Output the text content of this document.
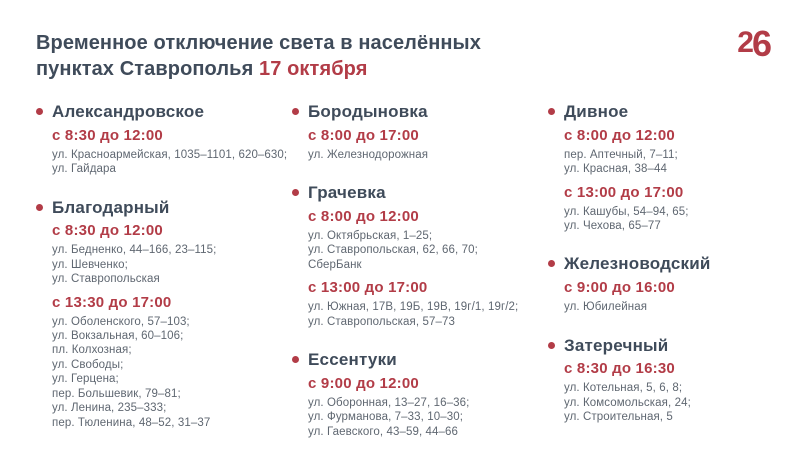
Временное отключение света в населённых
пунктах Ставрополья 17 октября
2 6
Александровское
с 8:30 до 12:00
ул. Красноармейская, 1035–1101, 620–630;
ул. Гайдара
Благодарный
с 8:30 до 12:00
ул. Бедненко, 44–166, 23–115;
ул. Шевченко;
ул. Ставропольская
с 13:30 до 17:00
ул. Оболенского, 57–103;
ул. Вокзальная, 60–106;
пл. Колхозная;
ул. Свободы;
ул. Герцена;
пер. Большевик, 79–81;
ул. Ленина, 235–333;
пер. Тюленина, 48–52, 31–37
Бородыновка
с 8:00 до 17:00
ул. Железнодорожная
Грачевка
с 8:00 до 12:00
ул. Октябрьская, 1–25;
ул. Ставропольская, 62, 66, 70;
СберБанк
с 13:00 до 17:00
ул. Южная, 17В, 19Б, 19В, 19г/1, 19г/2;
ул. Ставропольская, 57–73
Ессентуки
с 9:00 до 12:00
ул. Оборонная, 13–27, 16–36;
ул. Фурманова, 7–33, 10–30;
ул. Гаевского, 43–59, 44–66
Дивное
с 8:00 до 12:00
пер. Аптечный, 7–11;
ул. Красная, 38–44
с 13:00 до 17:00
ул. Кашубы, 54–94, 65;
ул. Чехова, 65–77
Железноводский
с 9:00 до 16:00
ул. Юбилейная
Затеречный
с 8:30 до 16:30
ул. Котельная, 5, 6, 8;
ул. Комсомольская, 24;
ул. Строительная, 5
